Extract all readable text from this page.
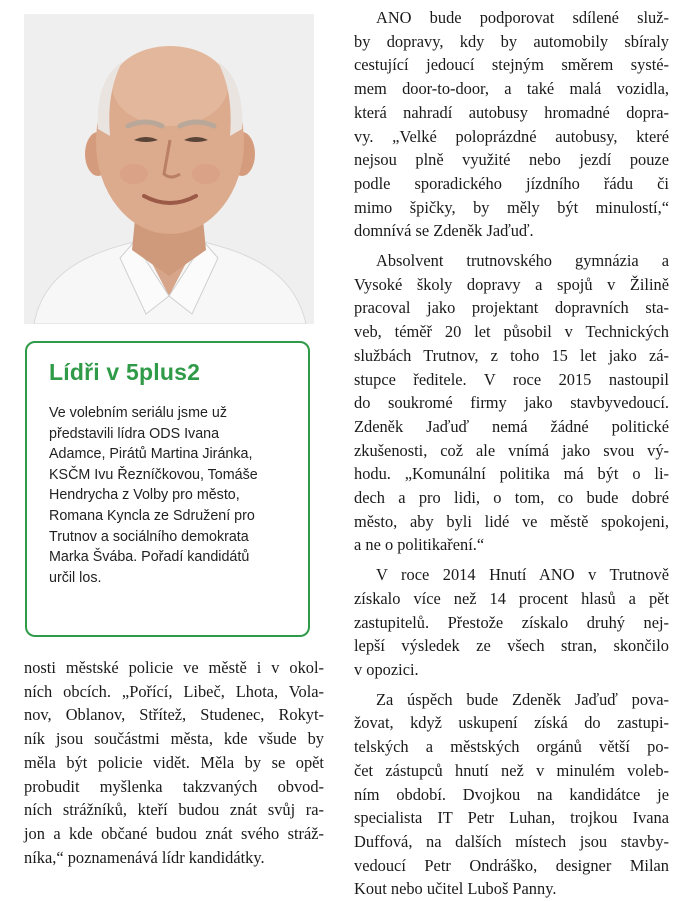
Lídři v 5plus2
Ve volebním seriálu jsme už
představili lídra ODS Ivana
Adamce, Pirátů Martina Jiránka,
KSČM Ivu Řezníčkovou, Tomáše
Hendrycha z Volby pro město,
Romana Kyncla ze Sdružení pro
Trutnov a sociálního demokrata
Marka Švába. Pořadí kandidátů
určil los.
nosti městské policie ve městě i v okol-
ních obcích. „Pořící, Libeč, Lhota, Vola-
nov, Oblanov, Střítež, Studenec, Rokyt-
ník jsou součástmi města, kde všude by
měla být policie vidět. Měla by se opět
probudit myšlenka takzvaných obvod-
ních strážníků, kteří budou znát svůj ra-
jon a kde občané budou znát svého stráž-
níka,“ poznamenává lídr kandidátky.
ANO bude podporovat sdílené služ-
by dopravy, kdy by automobily sbíraly
cestující jedoucí stejným směrem systé-
mem door-to-door, a také malá vozidla,
která nahradí autobusy hromadné dopra-
vy. „Velké poloprázdné autobusy, které
nejsou plně využité nebo jezdí pouze
podle sporadického jízdního řádu či
mimo špičky, by měly být minulostí,“
domnívá se Zdeněk Jaďuď.
Absolvent trutnovského gymnázia a
Vysoké školy dopravy a spojů v Žilině
pracoval jako projektant dopravních sta-
veb, téměř 20 let působil v Technických
službách Trutnov, z toho 15 let jako zá-
stupce ředitele. V roce 2015 nastoupil
do soukromé firmy jako stavbyvedoucí.
Zdeněk Jaďuď nemá žádné politické
zkušenosti, což ale vnímá jako svou vý-
hodu. „Komunální politika má být o li-
dech a pro lidi, o tom, co bude dobré
město, aby byli lidé ve městě spokojeni,
a ne o politikaření.“
V roce 2014 Hnutí ANO v Trutnově
získalo více než 14 procent hlasů a pět
zastupitelů. Přestože získalo druhý nej-
lepší výsledek ze všech stran, skončilo
v opozici.
Za úspěch bude Zdeněk Jaďuď pova-
žovat, když uskupení získá do zastupi-
telských a městských orgánů větší po-
čet zástupců hnutí než v minulém voleb-
ním období. Dvojkou na kandidátce je
specialista IT Petr Luhan, trojkou Ivana
Duffová, na dalších místech jsou stavby-
vedoucí Petr Ondráško, designer Milan
Kout nebo učitel Luboš Panny.
